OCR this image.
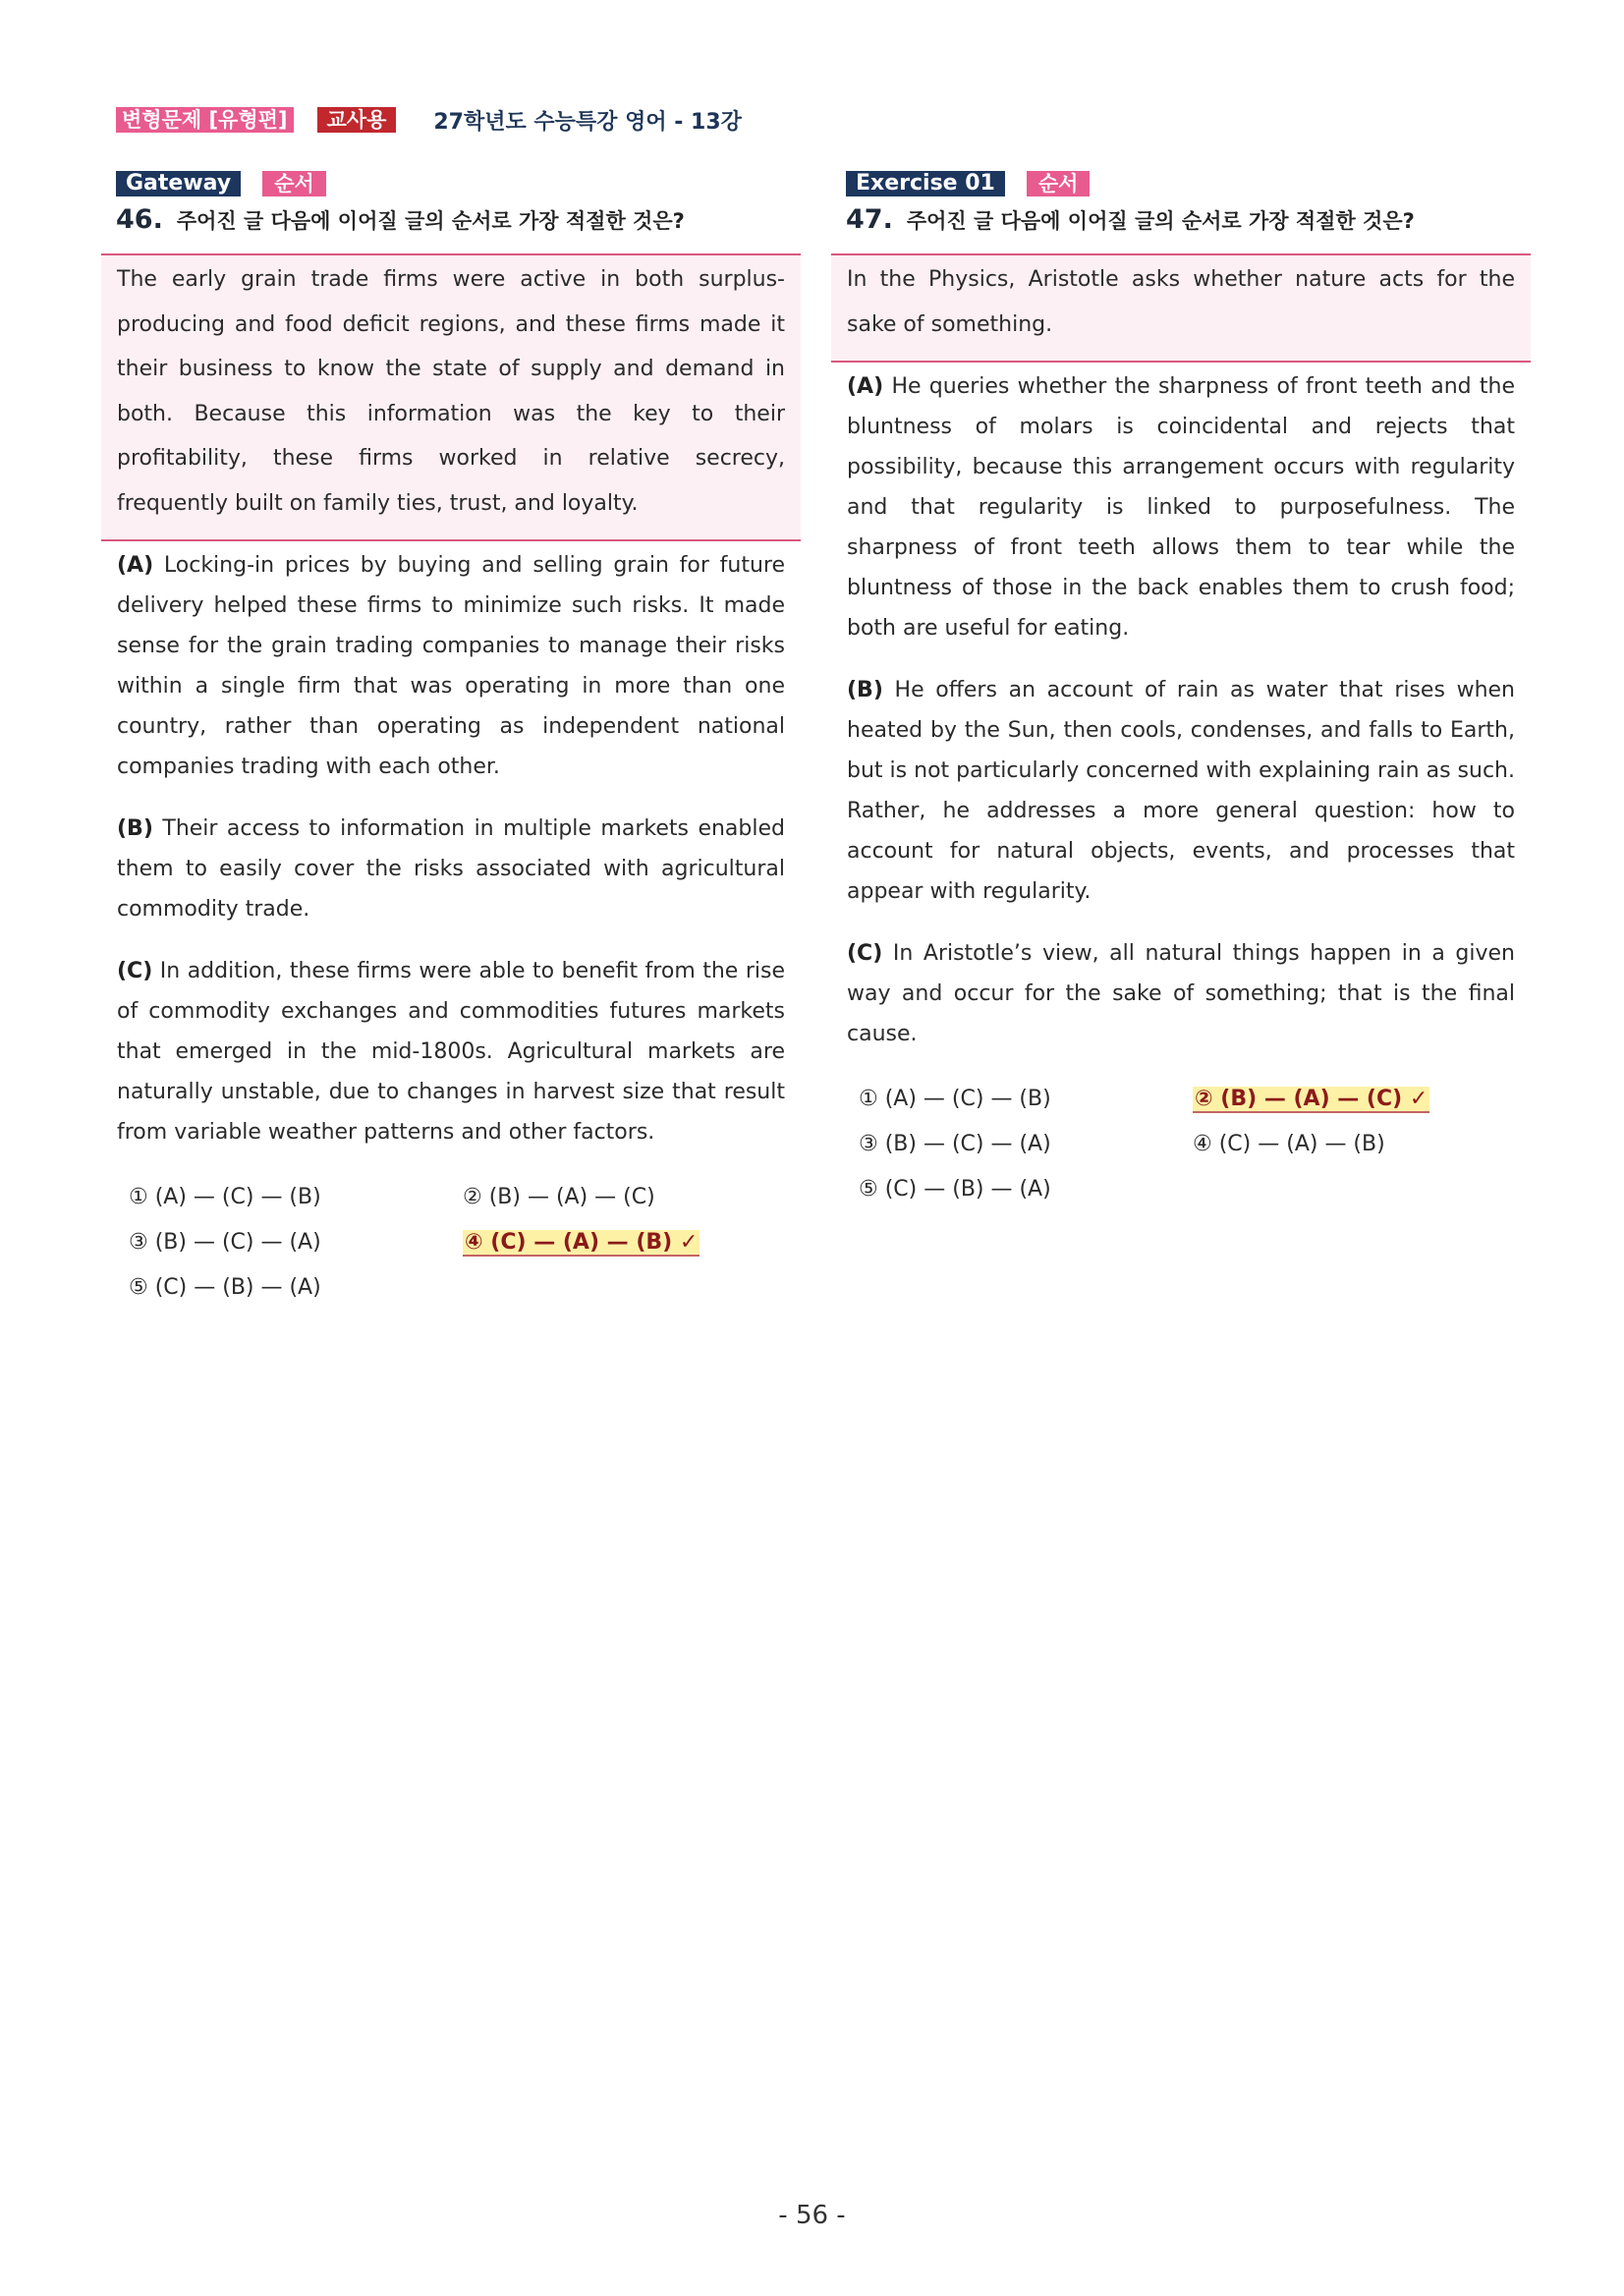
변형문제 [유형편]	교사용	27학년도 수능특강 영어 - 13강
Gateway	순서
46. 주어진 글 다음에 이어질 글의 순서로 가장 적절한 것은?
The early grain trade firms were active in both surplus-producing and food deficit regions, and these firms made it their business to know the state of supply and demand in both. Because this information was the key to their profitability, these firms worked in relative secrecy, frequently built on family ties, trust, and loyalty.
(A) Locking-in prices by buying and selling grain for future delivery helped these firms to minimize such risks. It made sense for the grain trading companies to manage their risks within a single firm that was operating in more than one country, rather than operating as independent national companies trading with each other.
(B) Their access to information in multiple markets enabled them to easily cover the risks associated with agricultural commodity trade.
(C) In addition, these firms were able to benefit from the rise of commodity exchanges and commodities futures markets that emerged in the mid-1800s. Agricultural markets are naturally unstable, due to changes in harvest size that result from variable weather patterns and other factors.
① (A) — (C) — (B)	② (B) — (A) — (C)
③ (B) — (C) — (A)	④ (C) — (A) — (B) ✓
⑤ (C) — (B) — (A)
Exercise 01	순서
47. 주어진 글 다음에 이어질 글의 순서로 가장 적절한 것은?
In the Physics, Aristotle asks whether nature acts for the sake of something.
(A) He queries whether the sharpness of front teeth and the bluntness of molars is coincidental and rejects that possibility, because this arrangement occurs with regularity and that regularity is linked to purposefulness. The sharpness of front teeth allows them to tear while the bluntness of those in the back enables them to crush food; both are useful for eating.
(B) He offers an account of rain as water that rises when heated by the Sun, then cools, condenses, and falls to Earth, but is not particularly concerned with explaining rain as such. Rather, he addresses a more general question: how to account for natural objects, events, and processes that appear with regularity.
(C) In Aristotle’s view, all natural things happen in a given way and occur for the sake of something; that is the final cause.
① (A) — (C) — (B)	② (B) — (A) — (C) ✓
③ (B) — (C) — (A)	④ (C) — (A) — (B)
⑤ (C) — (B) — (A)
- 56 -
